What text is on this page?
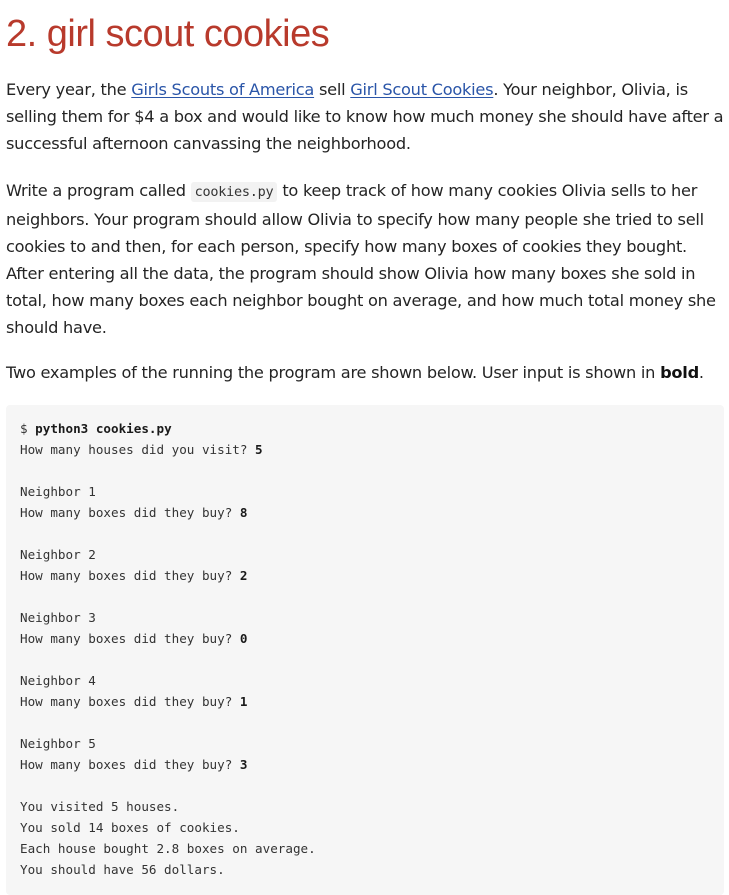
2. girl scout cookies

Every year, the Girls Scouts of America sell Girl Scout Cookies. Your neighbor, Olivia, is selling them for $4 a box and would like to know how much money she should have after a successful afternoon canvassing the neighborhood.

Write a program called cookies.py to keep track of how many cookies Olivia sells to her neighbors. Your program should allow Olivia to specify how many people she tried to sell cookies to and then, for each person, specify how many boxes of cookies they bought. After entering all the data, the program should show Olivia how many boxes she sold in total, how many boxes each neighbor bought on average, and how much total money she should have.

Two examples of the running the program are shown below. User input is shown in bold.

$ python3 cookies.py
How many houses did you visit? 5
Neighbor 1
How many boxes did they buy? 8
Neighbor 2
How many boxes did they buy? 2
Neighbor 3
How many boxes did they buy? 0
Neighbor 4
How many boxes did they buy? 1
Neighbor 5
How many boxes did they buy? 3
You visited 5 houses.
You sold 14 boxes of cookies.
Each house bought 2.8 boxes on average.
You should have 56 dollars.
